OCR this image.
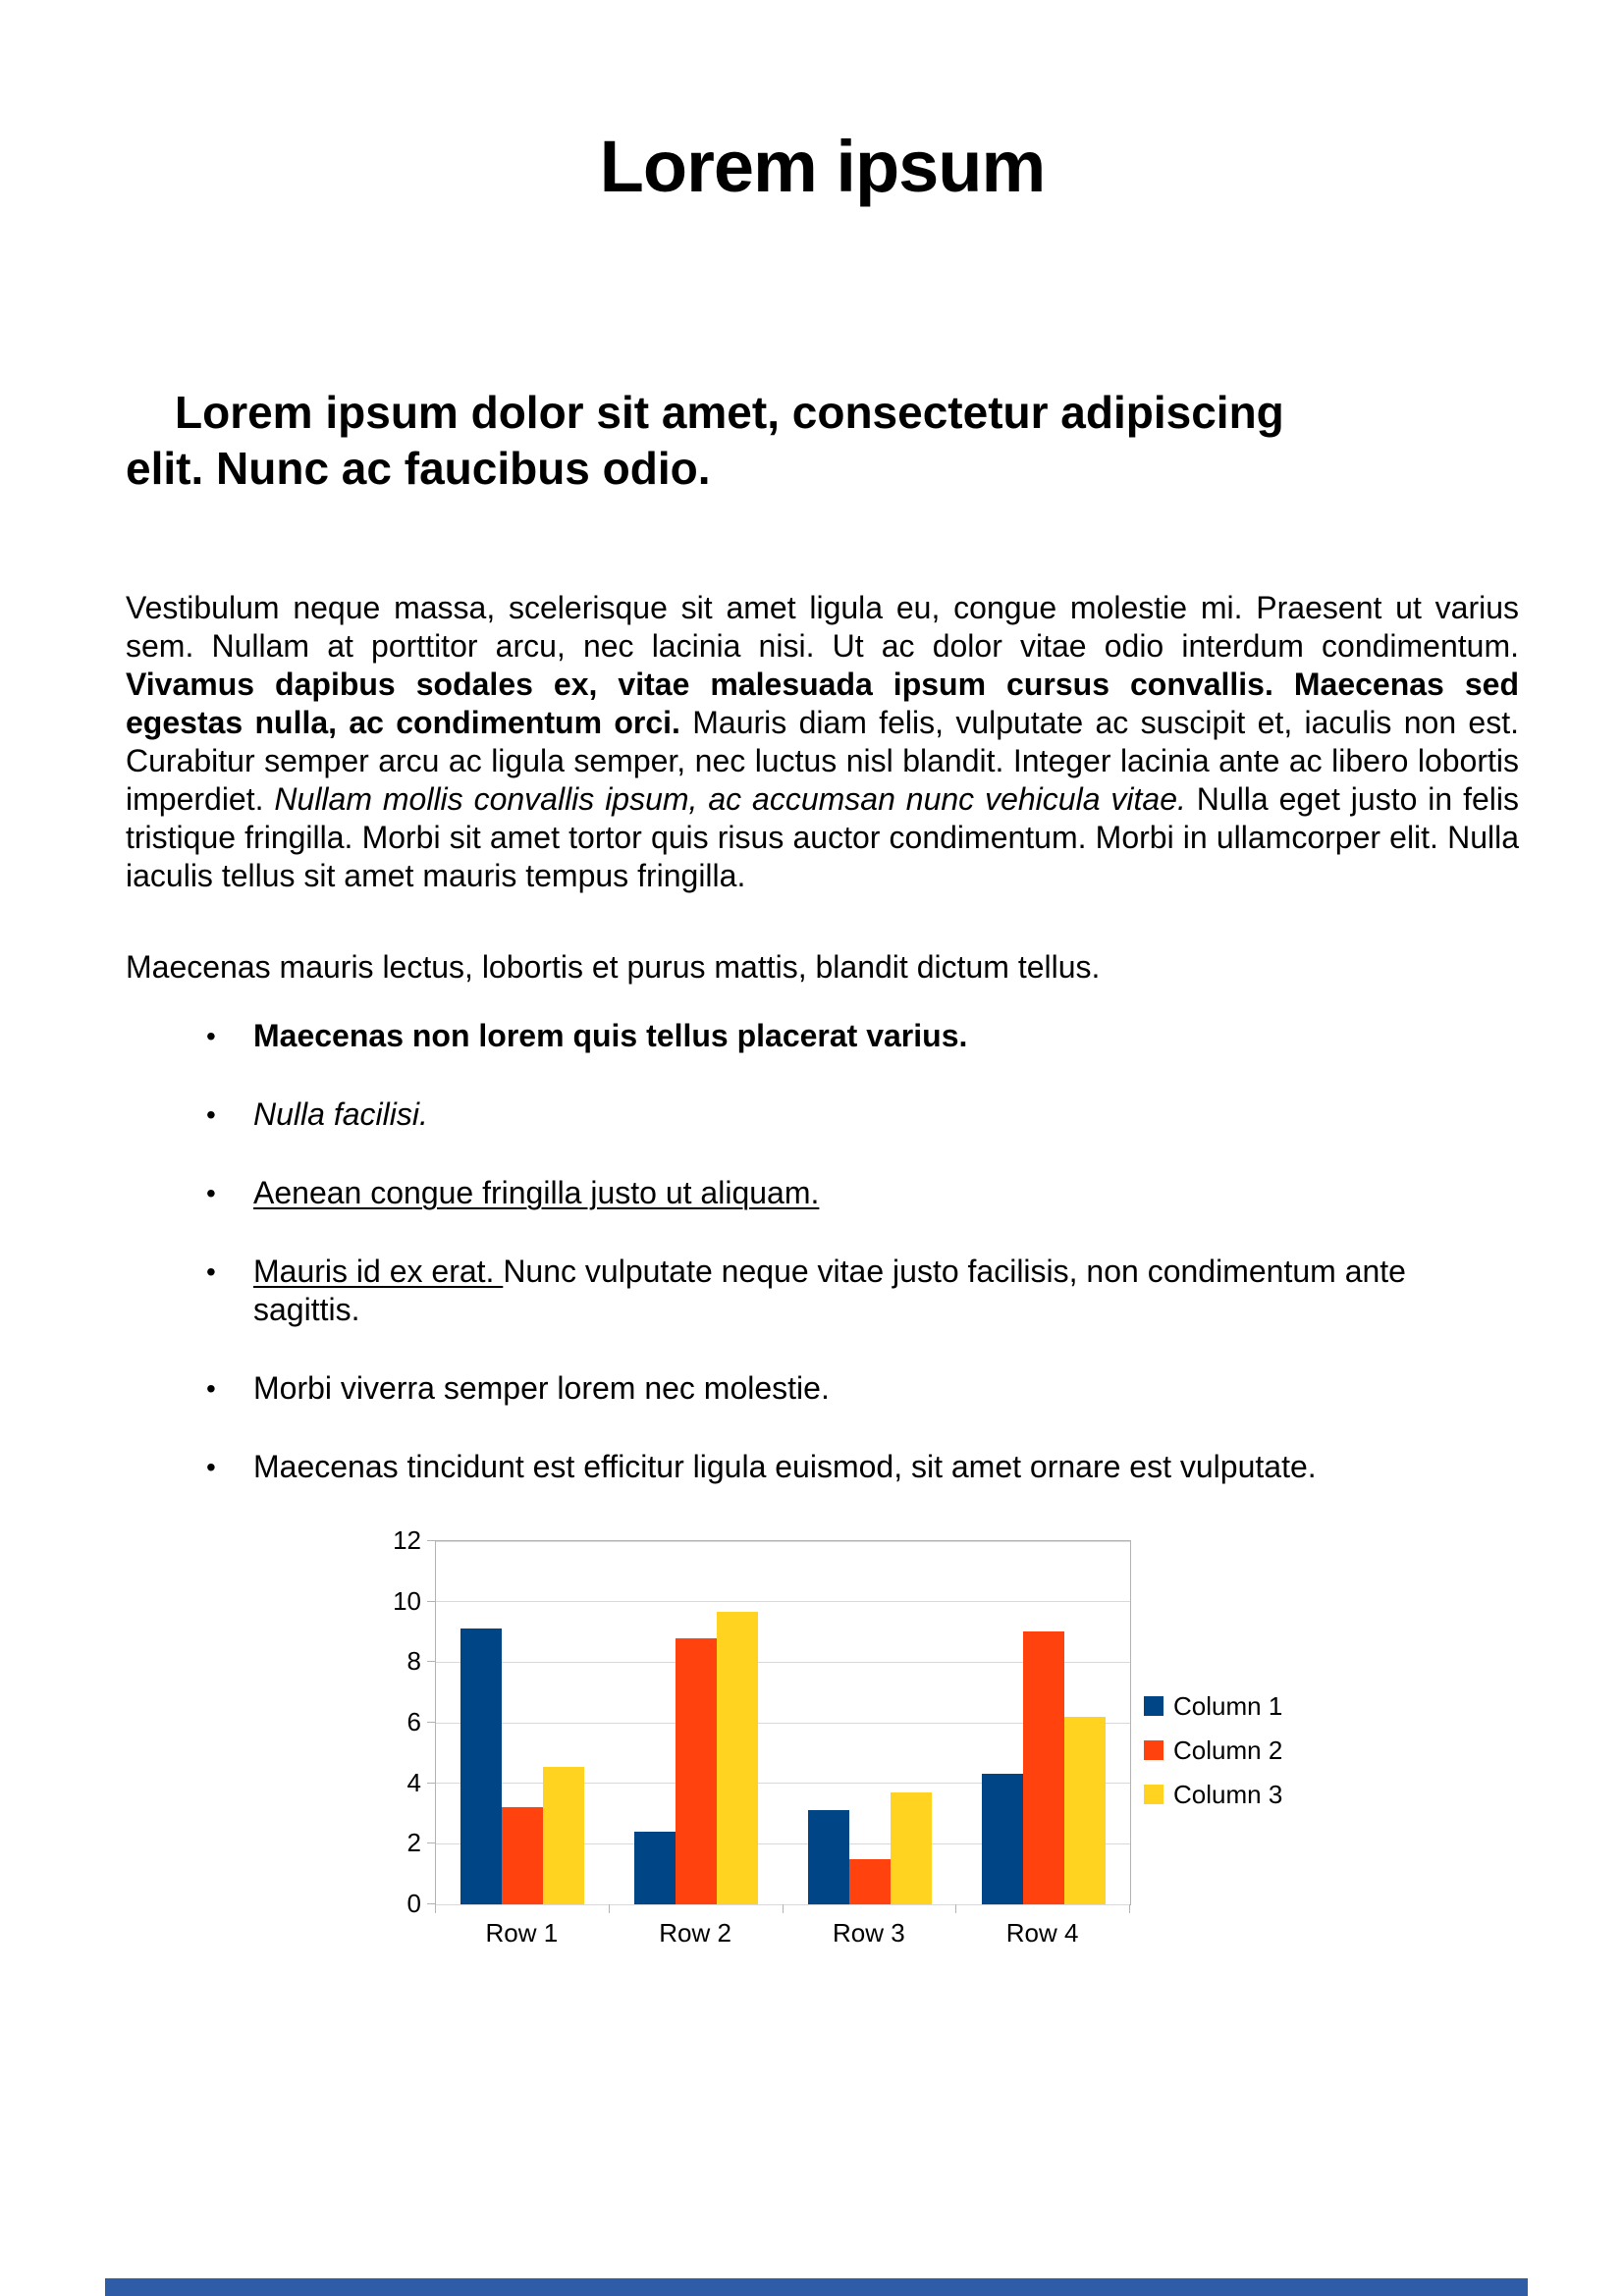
Lorem ipsum
Lorem ipsum dolor sit amet, consectetur adipiscing
elit. Nunc ac faucibus odio.

Vestibulum neque massa, scelerisque sit amet ligula eu, congue molestie mi. Praesent ut varius sem. Nullam at porttitor arcu, nec lacinia nisi. Ut ac dolor vitae odio interdum condimentum. Vivamus dapibus sodales ex, vitae malesuada ipsum cursus convallis. Maecenas sed egestas nulla, ac condimentum orci. Mauris diam felis, vulputate ac suscipit et, iaculis non est. Curabitur semper arcu ac ligula semper, nec luctus nisl blandit. Integer lacinia ante ac libero lobortis imperdiet. Nullam mollis convallis ipsum, ac accumsan nunc vehicula vitae. Nulla eget justo in felis tristique fringilla. Morbi sit amet tortor quis risus auctor condimentum. Morbi in ullamcorper elit. Nulla iaculis tellus sit amet mauris tempus fringilla.

Maecenas mauris lectus, lobortis et purus mattis, blandit dictum tellus.

•	Maecenas non lorem quis tellus placerat varius.
•	Nulla facilisi.
•	Aenean congue fringilla justo ut aliquam.
•	Mauris id ex erat. Nunc vulputate neque vitae justo facilisis, non condimentum ante sagittis.
•	Morbi viverra semper lorem nec molestie.
•	Maecenas tincidunt est efficitur ligula euismod, sit amet ornare est vulputate.
0
2
4
6
8
10
12
Row 1	Row 2	Row 3	Row 4
Column 1
Column 2
Column 3
